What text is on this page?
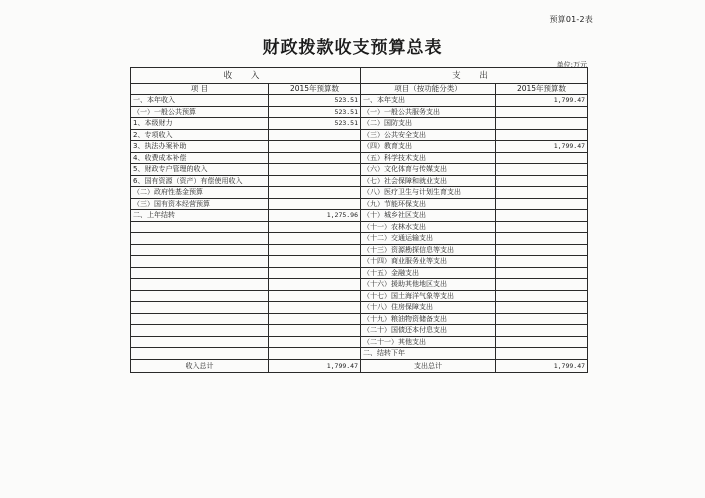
预算01-2表
财政拨款收支预算总表
单位:万元
收 入		支 出	
项 目	2015年预算数	项目（按功能分类）	2015年预算数
一、本年收入	523.51	一、本年支出	1,799.47
（一）一般公共预算	523.51	（一）一般公共服务支出	
1、本级财力	523.51	（二）国防支出	
2、专项收入		（三）公共安全支出	
3、执法办案补助		（四）教育支出	1,799.47
4、收费成本补偿		（五）科学技术支出	
5、财政专户管理的收入		（六）文化体育与传媒支出	
6、国有资源（资产）有偿使用收入		（七）社会保障和就业支出	
（二）政府性基金预算		（八）医疗卫生与计划生育支出	
（三）国有资本经营预算		（九）节能环保支出	
二、上年结转	1,275.96	（十）城乡社区支出	
		（十一）农林水支出	
		（十二）交通运输支出	
		（十三）资源勘探信息等支出	
		（十四）商业服务业等支出	
		（十五）金融支出	
		（十六）援助其他地区支出	
		（十七）国土海洋气象等支出	
		（十八）住房保障支出	
		（十九）粮油物资储备支出	
		（二十）国债还本付息支出	
		（二十一）其他支出	
		二、结转下年	
收入总计	1,799.47	支出总计	1,799.47
